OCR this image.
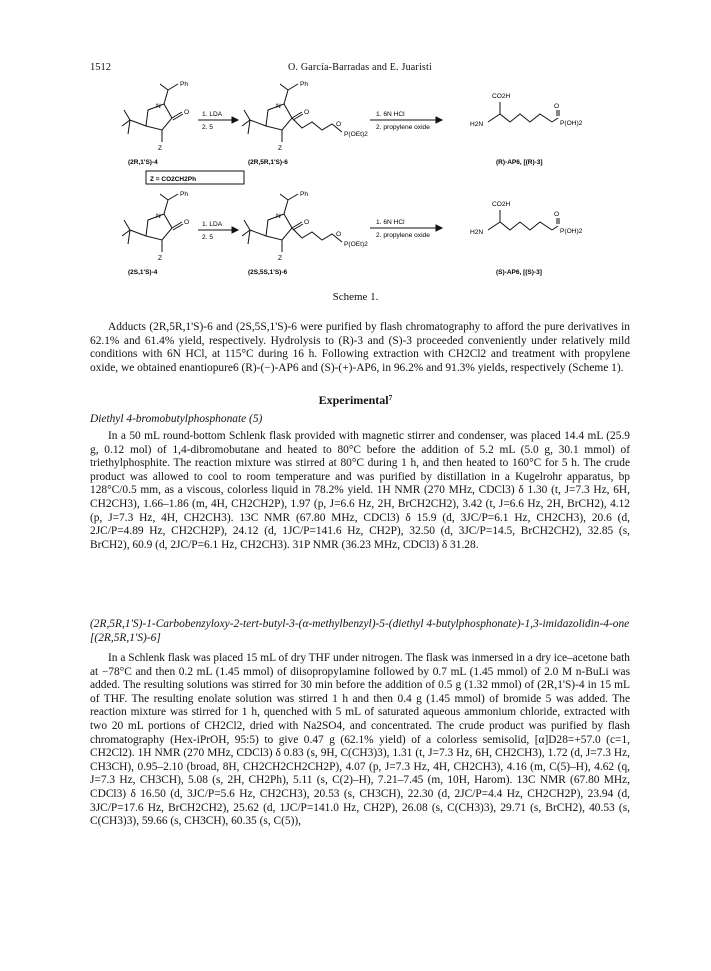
1512	O. García-Barradas and E. Juaristi
Ph
N
O
Z
Ph
N
O
Z
P(OEt)2
O
CO2H
H2N
O
P(OH)2
1. LDA
2. 5
1. 6N HCl
2. propylene oxide
(2R,1'S)-4	(2R,5R,1'S)-6	(R)-AP6, [(R)-3]
Z = CO2CH2Ph
Ph
N
O
Z
Ph
N
O
Z
P(OEt)2
O
CO2H
H2N
O
P(OH)2
1. LDA
2. 5
1. 6N HCl
2. propylene oxide
(2S,1'S)-4	(2S,5S,1'S)-6	(S)-AP6, [(S)-3]
Scheme 1.

Adducts (2R,5R,1'S)-6 and (2S,5S,1'S)-6 were purified by flash chromatography to afford the pure derivatives in 62.1% and 61.4% yield, respectively. Hydrolysis to (R)-3 and (S)-3 proceeded conveniently under relatively mild conditions with 6N HCl, at 115°C during 16 h. Following extraction with CH2Cl2 and treatment with propylene oxide, we obtained enantiopure6 (R)-(−)-AP6 and (S)-(+)-AP6, in 96.2% and 91.3% yields, respectively (Scheme 1).

Experimental$^7$
Diethyl 4-bromobutylphosphonate (5)

In a 50 mL round-bottom Schlenk flask provided with magnetic stirrer and condenser, was placed 14.4 mL (25.9 g, 0.12 mol) of 1,4-dibromobutane and heated to 80°C before the addition of 5.2 mL (5.0 g, 30.1 mmol) of triethylphosphite. The reaction mixture was stirred at 80°C during 1 h, and then heated to 160°C for 5 h. The crude product was allowed to cool to room temperature and was purified by distillation in a Kugelrohr apparatus, bp 128°C/0.5 mm, as a viscous, colorless liquid in 78.2% yield. 1H NMR (270 MHz, CDCl3) δ 1.30 (t, J=7.3 Hz, 6H, CH2CH3), 1.66–1.86 (m, 4H, CH2CH2P), 1.97 (p, J=6.6 Hz, 2H, BrCH2CH2), 3.42 (t, J=6.6 Hz, 2H, BrCH2), 4.12 (p, J=7.3 Hz, 4H, CH2CH3). 13C NMR (67.80 MHz, CDCl3) δ 15.9 (d, 3JC/P=6.1 Hz, CH2CH3), 20.6 (d, 2JC/P=4.89 Hz, CH2CH2P), 24.12 (d, 1JC/P=141.6 Hz, CH2P), 32.50 (d, 3JC/P=14.5, BrCH2CH2), 32.85 (s, BrCH2), 60.9 (d, 2JC/P=6.1 Hz, CH2CH3). 31P NMR (36.23 MHz, CDCl3) δ 31.28.

(2R,5R,1'S)-1-Carbobenzyloxy-2-tert-butyl-3-(α-methylbenzyl)-5-(diethyl 4-butylphosphonate)-1,3-imidazolidin-4-one [(2R,5R,1'S)-6]

In a Schlenk flask was placed 15 mL of dry THF under nitrogen. The flask was inmersed in a dry ice–acetone bath at −78°C and then 0.2 mL (1.45 mmol) of diisopropylamine followed by 0.7 mL (1.45 mmol) of 2.0 M n-BuLi was added. The resulting solutions was stirred for 30 min before the addition of 0.5 g (1.32 mmol) of (2R,1'S)-4 in 15 mL of THF. The resulting enolate solution was stirred 1 h and then 0.4 g (1.45 mmol) of bromide 5 was added. The reaction mixture was stirred for 1 h, quenched with 5 mL of saturated aqueous ammonium chloride, extracted with two 20 mL portions of CH2Cl2, dried with Na2SO4, and concentrated. The crude product was purified by flash chromatography (Hex-iPrOH, 95:5) to give 0.47 g (62.1% yield) of a colorless semisolid, [α]D28=+57.0 (c=1, CH2Cl2). 1H NMR (270 MHz, CDCl3) δ 0.83 (s, 9H, C(CH3)3), 1.31 (t, J=7.3 Hz, 6H, CH2CH3), 1.72 (d, J=7.3 Hz, CH3CH), 0.95–2.10 (broad, 8H, CH2CH2CH2CH2P), 4.07 (p, J=7.3 Hz, 4H, CH2CH3), 4.16 (m, C(5)–H), 4.62 (q, J=7.3 Hz, CH3CH), 5.08 (s, 2H, CH2Ph), 5.11 (s, C(2)–H), 7.21–7.45 (m, 10H, Harom). 13C NMR (67.80 MHz, CDCl3) δ 16.50 (d, 3JC/P=5.6 Hz, CH2CH3), 20.53 (s, CH3CH), 22.30 (d, 2JC/P=4.4 Hz, CH2CH2P), 23.94 (d, 3JC/P=17.6 Hz, BrCH2CH2), 25.62 (d, 1JC/P=141.0 Hz, CH2P), 26.08 (s, C(CH3)3), 29.71 (s, BrCH2), 40.53 (s, C(CH3)3), 59.66 (s, CH3CH), 60.35 (s, C(5)),
